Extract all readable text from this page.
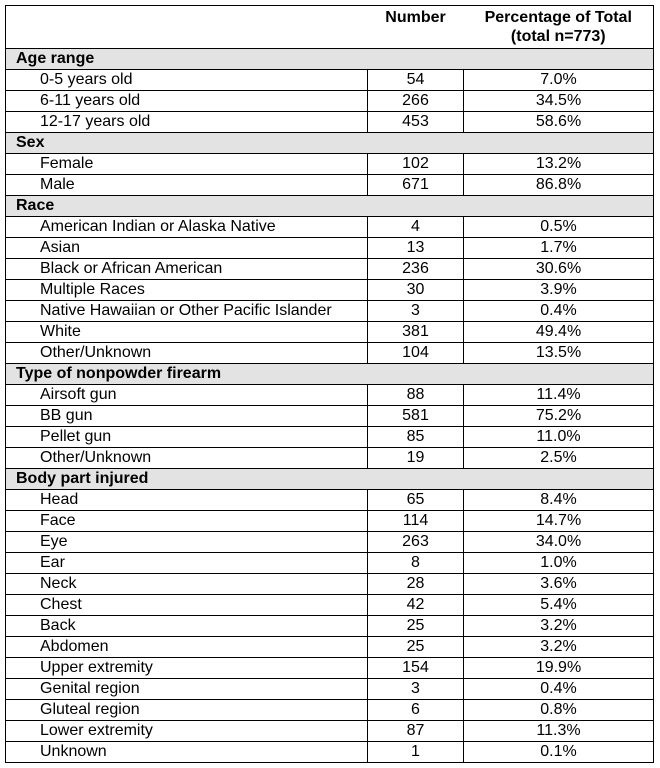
	Number	Percentage of Total
(total n=773)

Age range		
0-5 years old	54	7.0%
6-11 years old	266	34.5%
12-17 years old	453	58.6%
Sex		
Female	102	13.2%
Male	671	86.8%
Race		
American Indian or Alaska Native	4	0.5%
Asian	13	1.7%
Black or African American	236	30.6%
Multiple Races	30	3.9%
Native Hawaiian or Other Pacific Islander	3	0.4%
White	381	49.4%
Other/Unknown	104	13.5%
Type of nonpowder firearm		
Airsoft gun	88	11.4%
BB gun	581	75.2%
Pellet gun	85	11.0%
Other/Unknown	19	2.5%
Body part injured		
Head	65	8.4%
Face	114	14.7%
Eye	263	34.0%
Ear	8	1.0%
Neck	28	3.6%
Chest	42	5.4%
Back	25	3.2%
Abdomen	25	3.2%
Upper extremity	154	19.9%
Genital region	3	0.4%
Gluteal region	6	0.8%
Lower extremity	87	11.3%
Unknown	1	0.1%
